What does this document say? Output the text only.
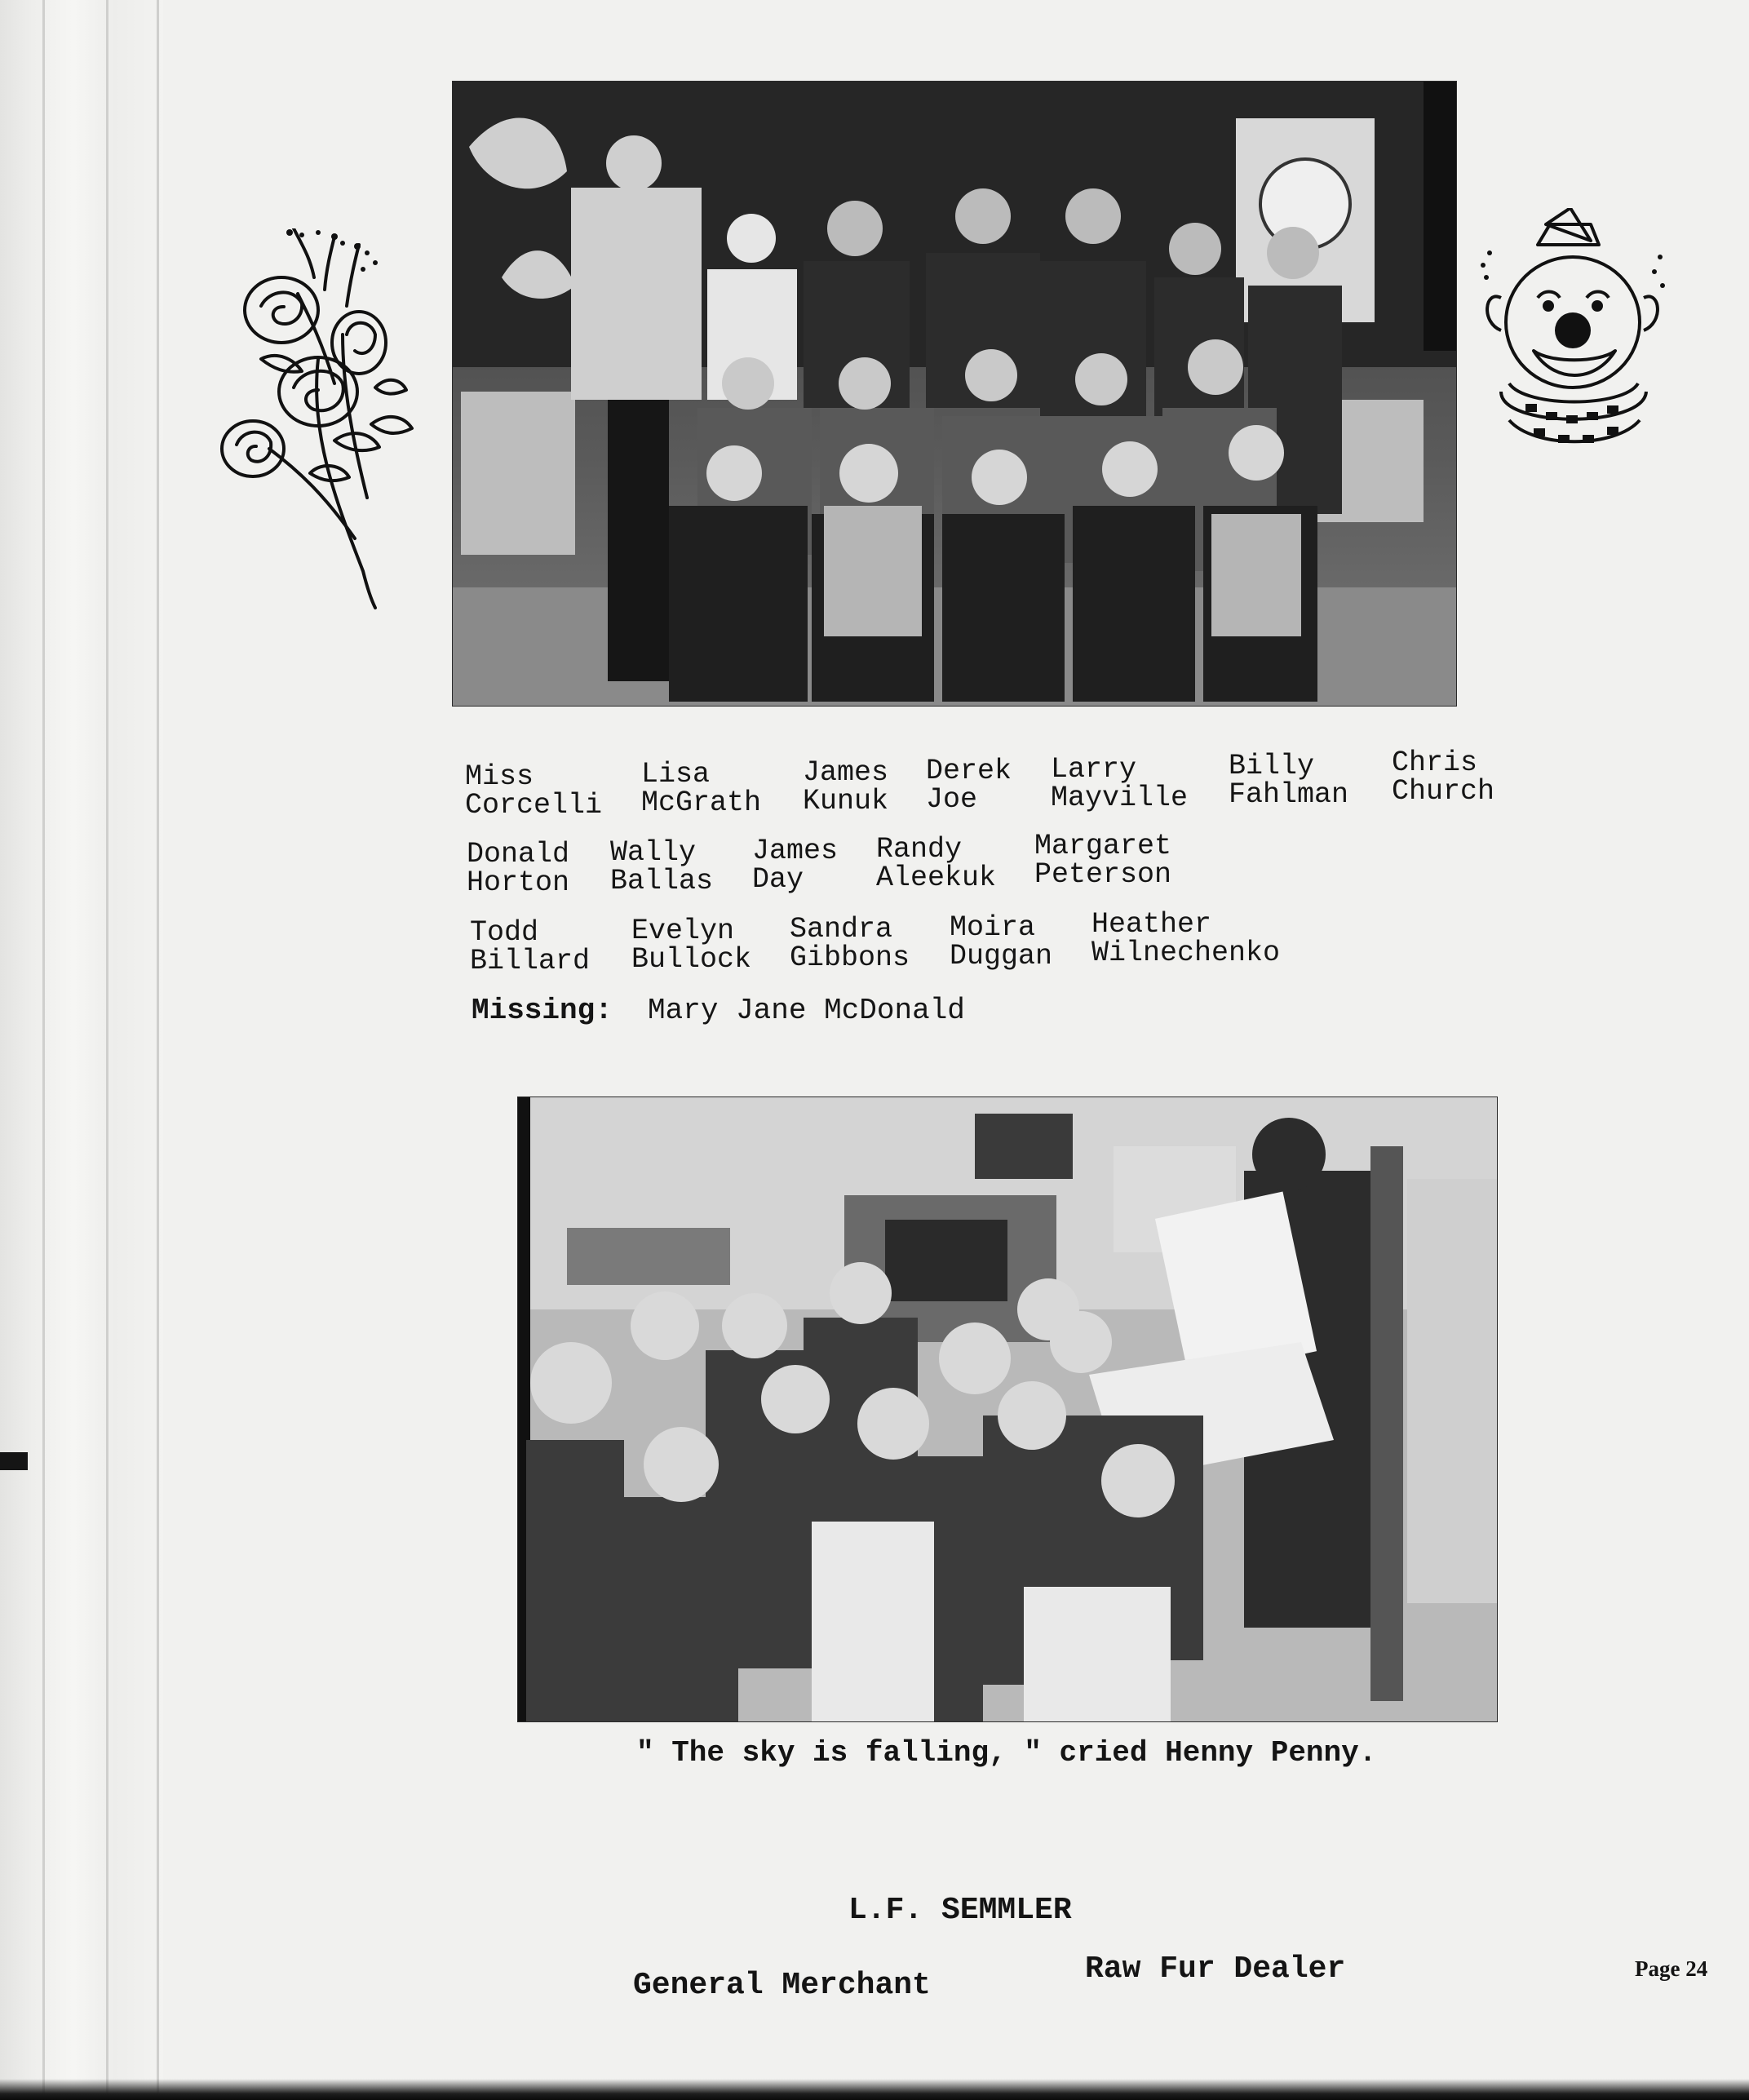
Miss
Corcelli
Lisa
McGrath
James
Kunuk
Derek
Joe
Larry
Mayville
Billy
Fahlman
Chris
Church
Donald
Horton
Wally
Ballas
James
Day
Randy
Aleekuk
Margaret
Peterson
Todd
Billard
Evelyn
Bullock
Sandra
Gibbons
Moira
Duggan
Heather
Wilnechenko
Missing: Mary Jane McDonald
" The sky is falling, " cried Henny Penny.
L.F. SEMMLER
General Merchant	Raw Fur Dealer	Page 24
